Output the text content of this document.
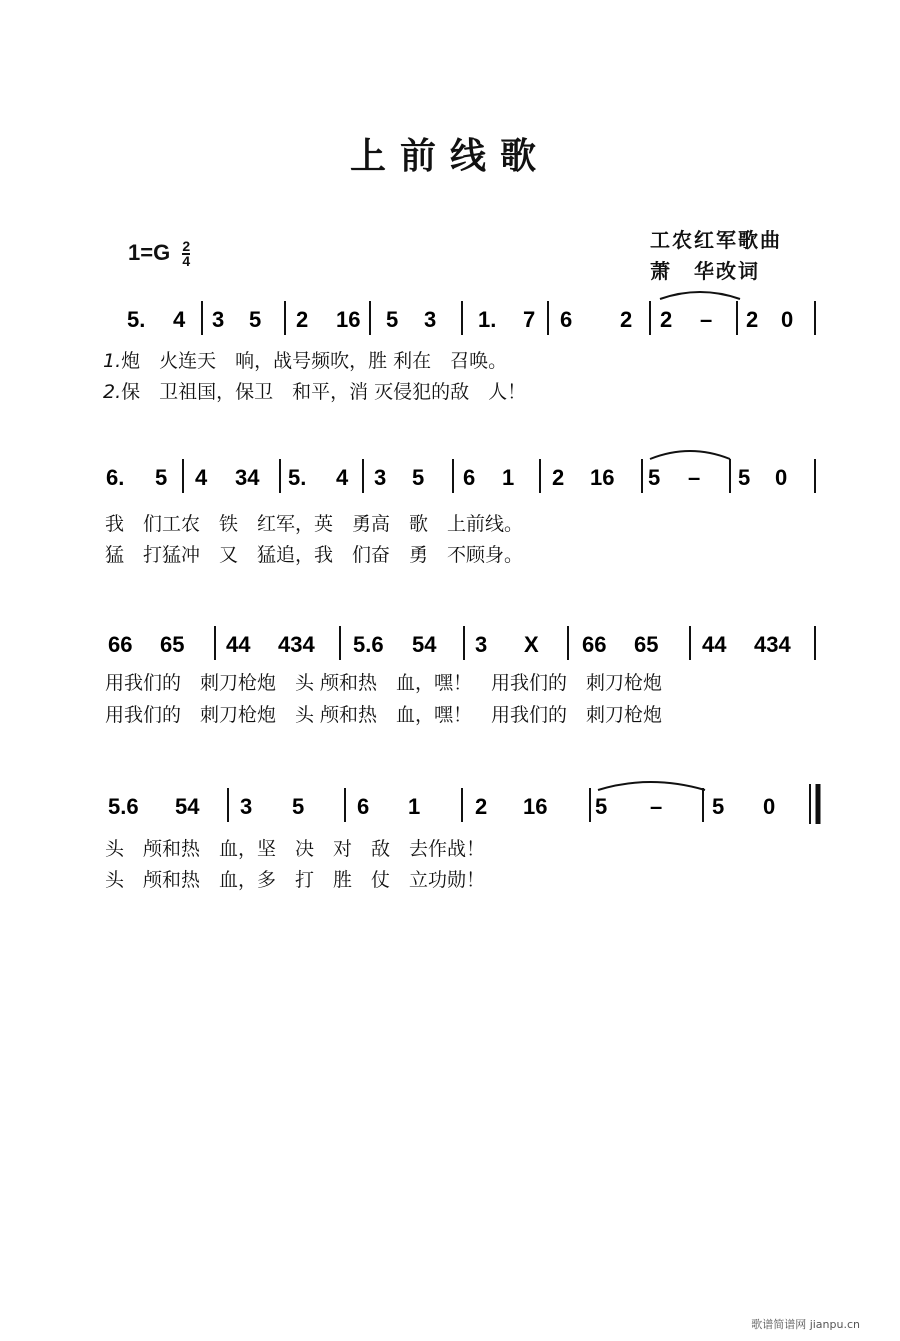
上前线歌
$1=G \frac{2}{4}$
工农红军歌曲
萧　华改词
5. 4 3 5 2 16 5 3 1. 7 6 2 2 – 2 0
1.炮　火连天　响，战号频吹，胜 利在　召唤。
2.保　卫祖国，保卫　和平，消 灭侵犯的敌　人！
6. 5 4 34 5. 4 3 5 6 1 2 16 5 – 5 0
我　们工农　铁　红军，英　勇高　歌　上前线。
猛　打猛冲　又　猛追，我　们奋　勇　不顾身。
66 65 44 434 5.6 54 3 X 66 65 44 434
用我们的　刺刀枪炮　头 颅和热　血，嘿！　用我们的　刺刀枪炮
用我们的　刺刀枪炮　头 颅和热　血，嘿！　用我们的　刺刀枪炮
5.6 54 3 5 6 1 2 16 5 – 5 0
头　颅和热　血，坚　决　对　敌　去作战！
头　颅和热　血，多　打　胜　仗　立功勋！
歌谱简谱网 jianpu.cn
